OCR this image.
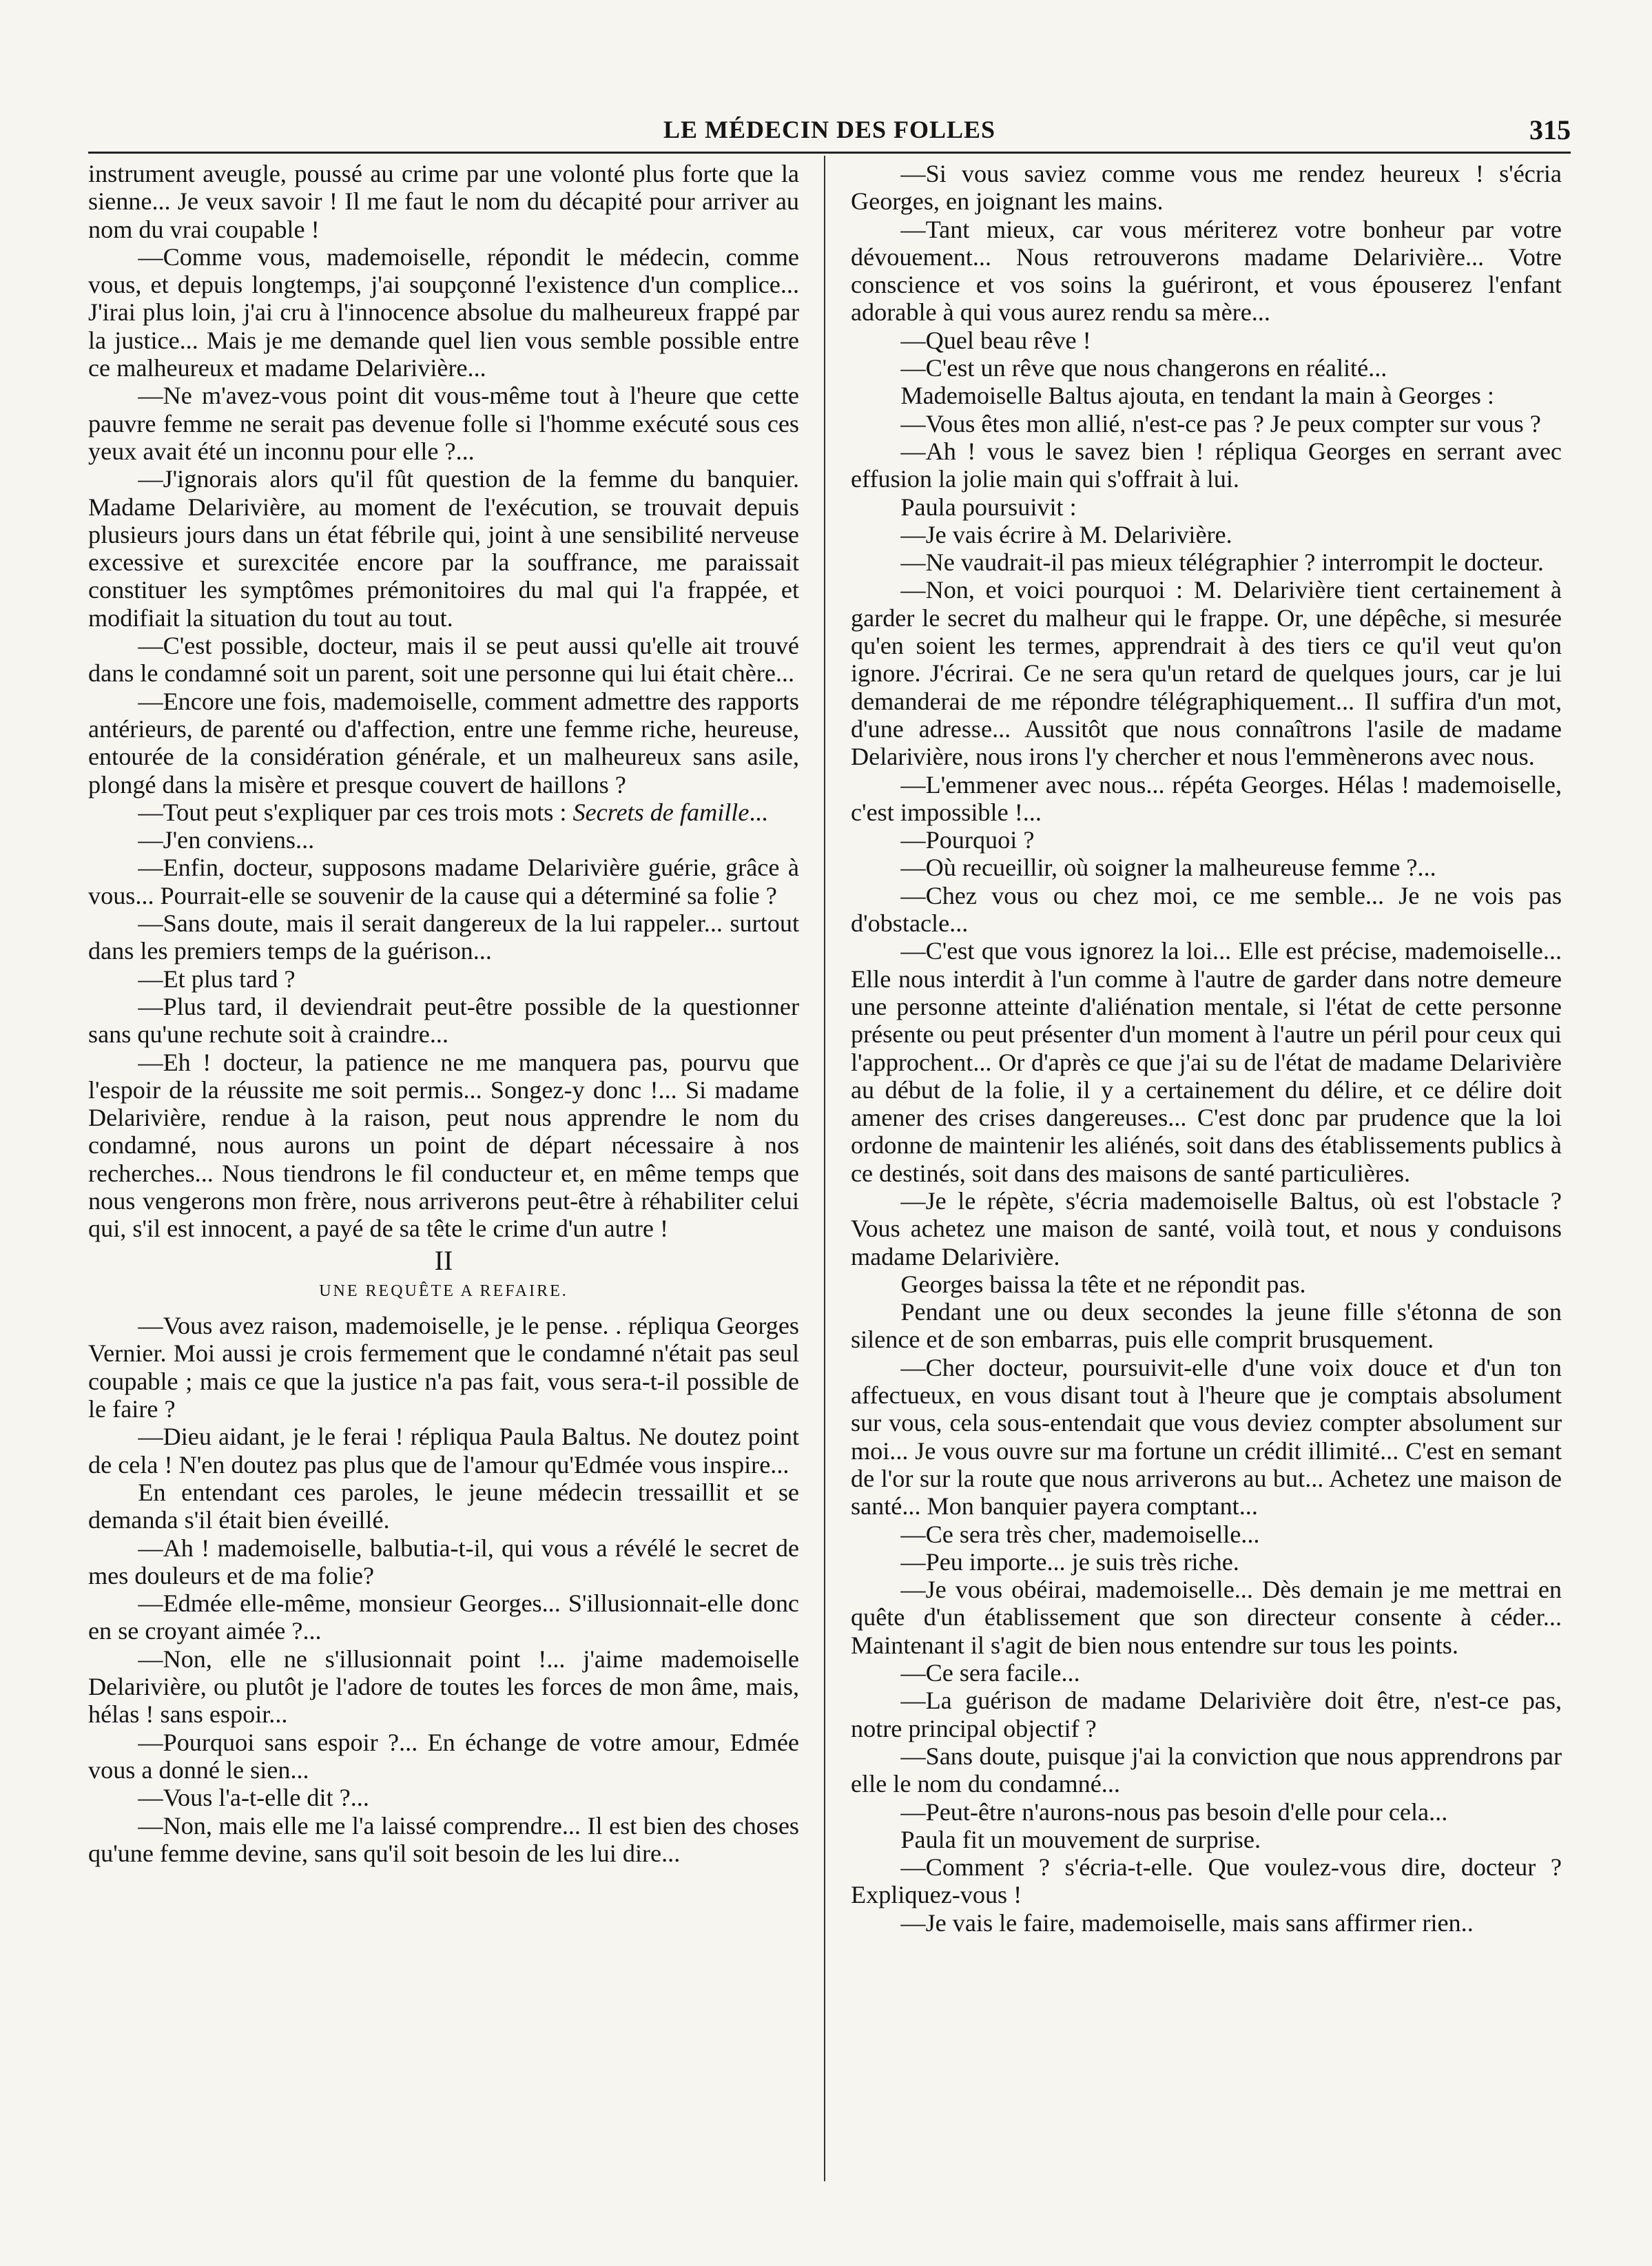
LE MÉDECIN DES FOLLES	315

instrument aveugle, poussé au crime par une volonté plus forte que la sienne... Je veux savoir ! Il me faut le nom du décapité pour arriver au nom du vrai coupable !

—Comme vous, mademoiselle, répondit le médecin, comme vous, et depuis longtemps, j'ai soupçonné l'existence d'un complice... J'irai plus loin, j'ai cru à l'innocence absolue du malheureux frappé par la justice... Mais je me demande quel lien vous semble possible entre ce malheureux et madame Delarivière...

—Ne m'avez-vous point dit vous-même tout à l'heure que cette pauvre femme ne serait pas devenue folle si l'homme exécuté sous ces yeux avait été un inconnu pour elle ?...

—J'ignorais alors qu'il fût question de la femme du banquier. Madame Delarivière, au moment de l'exécution, se trouvait depuis plusieurs jours dans un état fébrile qui, joint à une sensibilité nerveuse excessive et surexcitée encore par la souffrance, me paraissait constituer les symptômes prémonitoires du mal qui l'a frappée, et modifiait la situation du tout au tout.

—C'est possible, docteur, mais il se peut aussi qu'elle ait trouvé dans le condamné soit un parent, soit une personne qui lui était chère...

—Encore une fois, mademoiselle, comment admettre des rapports antérieurs, de parenté ou d'affection, entre une femme riche, heureuse, entourée de la considération générale, et un malheureux sans asile, plongé dans la misère et presque couvert de haillons ?

—Tout peut s'expliquer par ces trois mots : Secrets de famille...

—J'en conviens...

—Enfin, docteur, supposons madame Delarivière guérie, grâce à vous... Pourrait-elle se souvenir de la cause qui a déterminé sa folie ?

—Sans doute, mais il serait dangereux de la lui rappeler... surtout dans les premiers temps de la guérison...

—Et plus tard ?

—Plus tard, il deviendrait peut-être possible de la questionner sans qu'une rechute soit à craindre...

—Eh ! docteur, la patience ne me manquera pas, pourvu que l'espoir de la réussite me soit permis... Songez-y donc !... Si madame Delarivière, rendue à la raison, peut nous apprendre le nom du condamné, nous aurons un point de départ nécessaire à nos recherches... Nous tiendrons le fil conducteur et, en même temps que nous vengerons mon frère, nous arriverons peut-être à réhabiliter celui qui, s'il est innocent, a payé de sa tête le crime d'un autre !

II
UNE REQUÊTE A REFAIRE.

—Vous avez raison, mademoiselle, je le pense. . répliqua Georges Vernier. Moi aussi je crois fermement que le condamné n'était pas seul coupable ; mais ce que la justice n'a pas fait, vous sera-t-il possible de le faire ?

—Dieu aidant, je le ferai ! répliqua Paula Baltus. Ne doutez point de cela ! N'en doutez pas plus que de l'amour qu'Edmée vous inspire...

En entendant ces paroles, le jeune médecin tressaillit et se demanda s'il était bien éveillé.

—Ah ! mademoiselle, balbutia-t-il, qui vous a révélé le secret de mes douleurs et de ma folie?

—Edmée elle-même, monsieur Georges... S'illusionnait-elle donc en se croyant aimée ?...

—Non, elle ne s'illusionnait point !... j'aime mademoiselle Delarivière, ou plutôt je l'adore de toutes les forces de mon âme, mais, hélas ! sans espoir...

—Pourquoi sans espoir ?... En échange de votre amour, Edmée vous a donné le sien...

—Vous l'a-t-elle dit ?...

—Non, mais elle me l'a laissé comprendre... Il est bien des choses qu'une femme devine, sans qu'il soit besoin de les lui dire...

—Si vous saviez comme vous me rendez heureux ! s'écria Georges, en joignant les mains.

—Tant mieux, car vous mériterez votre bonheur par votre dévouement... Nous retrouverons madame Delarivière... Votre conscience et vos soins la guériront, et vous épouserez l'enfant adorable à qui vous aurez rendu sa mère...

—Quel beau rêve !

—C'est un rêve que nous changerons en réalité...

Mademoiselle Baltus ajouta, en tendant la main à Georges :

—Vous êtes mon allié, n'est-ce pas ? Je peux compter sur vous ?

—Ah ! vous le savez bien ! répliqua Georges en serrant avec effusion la jolie main qui s'offrait à lui.

Paula poursuivit :

—Je vais écrire à M. Delarivière.

—Ne vaudrait-il pas mieux télégraphier ? interrompit le docteur.

—Non, et voici pourquoi : M. Delarivière tient certainement à garder le secret du malheur qui le frappe. Or, une dépêche, si mesurée qu'en soient les termes, apprendrait à des tiers ce qu'il veut qu'on ignore. J'écrirai. Ce ne sera qu'un retard de quelques jours, car je lui demanderai de me répondre télégraphiquement... Il suffira d'un mot, d'une adresse... Aussitôt que nous connaîtrons l'asile de madame Delarivière, nous irons l'y chercher et nous l'emmènerons avec nous.

—L'emmener avec nous... répéta Georges. Hélas ! mademoiselle, c'est impossible !...

—Pourquoi ?

—Où recueillir, où soigner la malheureuse femme ?...

—Chez vous ou chez moi, ce me semble... Je ne vois pas d'obstacle...

—C'est que vous ignorez la loi... Elle est précise, mademoiselle... Elle nous interdit à l'un comme à l'autre de garder dans notre demeure une personne atteinte d'aliénation mentale, si l'état de cette personne présente ou peut présenter d'un moment à l'autre un péril pour ceux qui l'approchent... Or d'après ce que j'ai su de l'état de madame Delarivière au début de la folie, il y a certainement du délire, et ce délire doit amener des crises dangereuses... C'est donc par prudence que la loi ordonne de maintenir les aliénés, soit dans des établissements publics à ce destinés, soit dans des maisons de santé particulières.

—Je le répète, s'écria mademoiselle Baltus, où est l'obstacle ? Vous achetez une maison de santé, voilà tout, et nous y conduisons madame Delarivière.

Georges baissa la tête et ne répondit pas.

Pendant une ou deux secondes la jeune fille s'étonna de son silence et de son embarras, puis elle comprit brusquement.

—Cher docteur, poursuivit-elle d'une voix douce et d'un ton affectueux, en vous disant tout à l'heure que je comptais absolument sur vous, cela sous-entendait que vous deviez compter absolument sur moi... Je vous ouvre sur ma fortune un crédit illimité... C'est en semant de l'or sur la route que nous arriverons au but... Achetez une maison de santé... Mon banquier payera comptant...

—Ce sera très cher, mademoiselle...

—Peu importe... je suis très riche.

—Je vous obéirai, mademoiselle... Dès demain je me mettrai en quête d'un établissement que son directeur consente à céder... Maintenant il s'agit de bien nous entendre sur tous les points.

—Ce sera facile...

—La guérison de madame Delarivière doit être, n'est-ce pas, notre principal objectif ?

—Sans doute, puisque j'ai la conviction que nous apprendrons par elle le nom du condamné...

—Peut-être n'aurons-nous pas besoin d'elle pour cela...

Paula fit un mouvement de surprise.

—Comment ? s'écria-t-elle. Que voulez-vous dire, docteur ? Expliquez-vous !

—Je vais le faire, mademoiselle, mais sans affirmer rien..
